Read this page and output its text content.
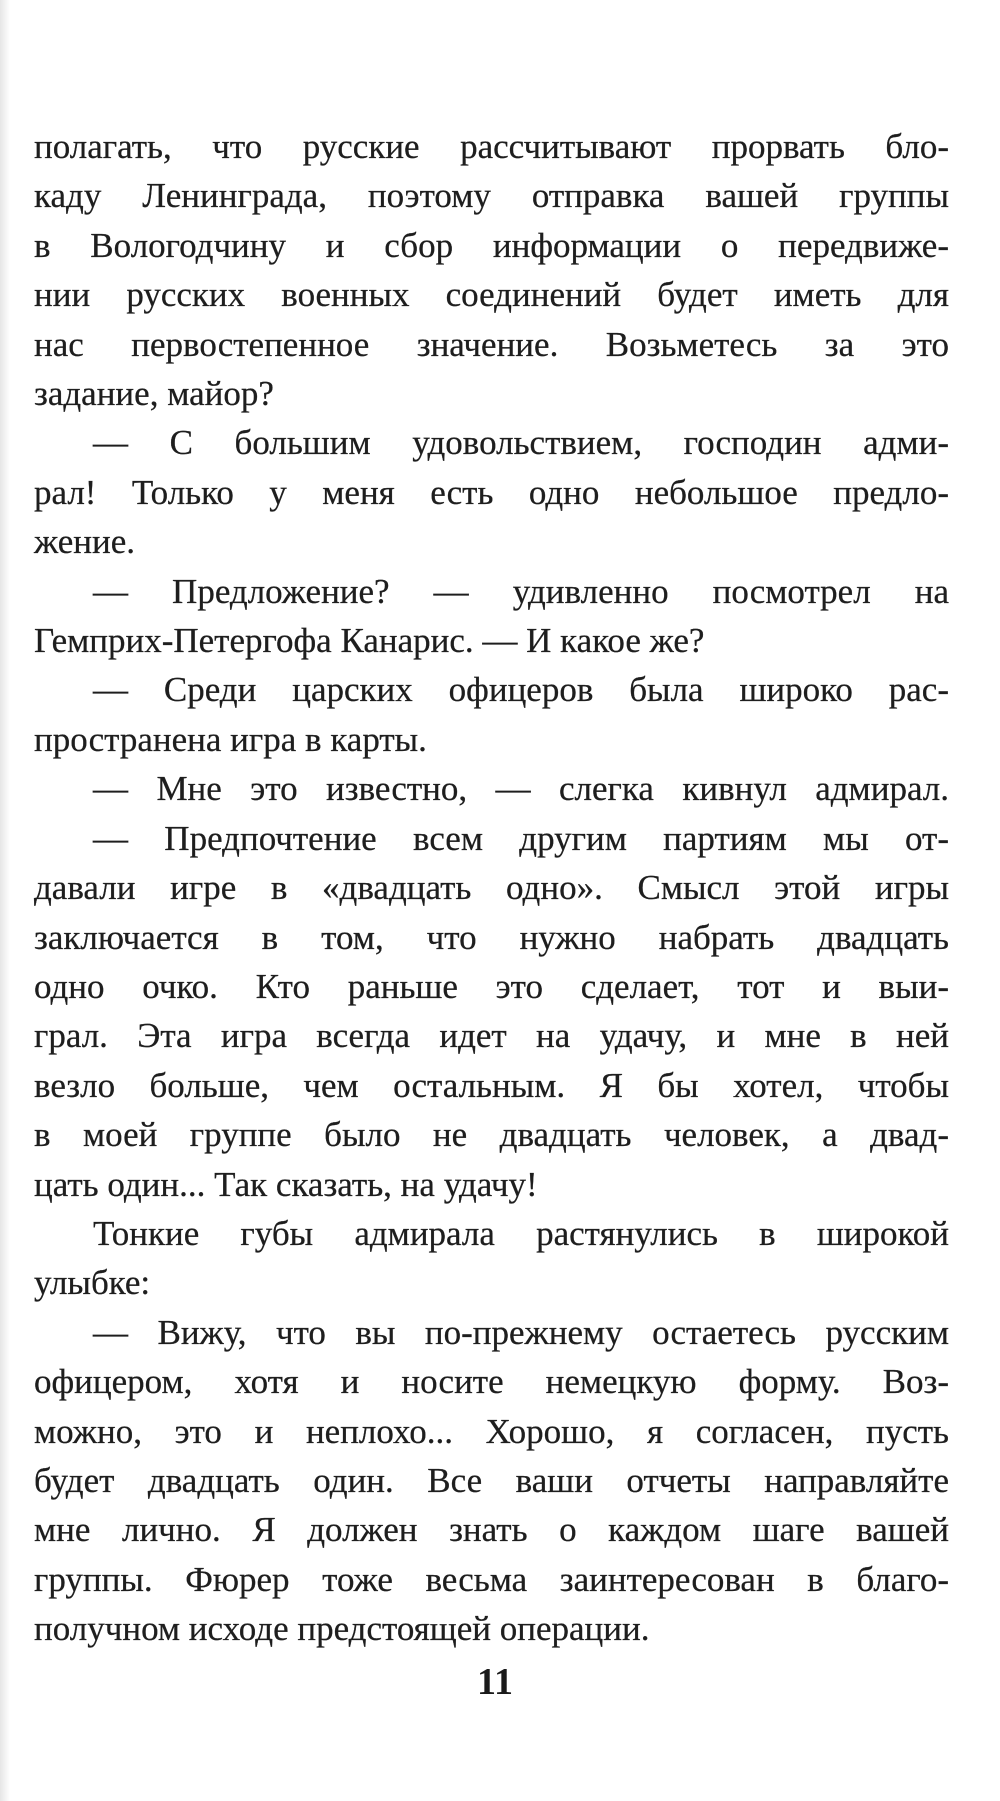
полагать, что русские рассчитывают прорвать бло-
каду Ленинграда, поэтому отправка вашей группы
в Вологодчину и сбор информации о передвиже-
нии русских военных соединений будет иметь для
нас первостепенное значение. Возьметесь за это
задание, майор?
— С большим удовольствием, господин адми-
рал! Только у меня есть одно небольшое предло-
жение.
— Предложение? — удивленно посмотрел на
Гемприх-Петергофа Канарис. — И какое же?
— Среди царских офицеров была широко рас-
пространена игра в карты.
— Мне это известно, — слегка кивнул адмирал.
— Предпочтение всем другим партиям мы от-
давали игре в «двадцать одно». Смысл этой игры
заключается в том, что нужно набрать двадцать
одно очко. Кто раньше это сделает, тот и выи-
грал. Эта игра всегда идет на удачу, и мне в ней
везло больше, чем остальным. Я бы хотел, чтобы
в моей группе было не двадцать человек, а двад-
цать один... Так сказать, на удачу!
Тонкие губы адмирала растянулись в широкой
улыбке:
— Вижу, что вы по-прежнему остаетесь русским
офицером, хотя и носите немецкую форму. Воз-
можно, это и неплохо... Хорошо, я согласен, пусть
будет двадцать один. Все ваши отчеты направляйте
мне лично. Я должен знать о каждом шаге вашей
группы. Фюрер тоже весьма заинтересован в благо-
получном исходе предстоящей операции.
11
